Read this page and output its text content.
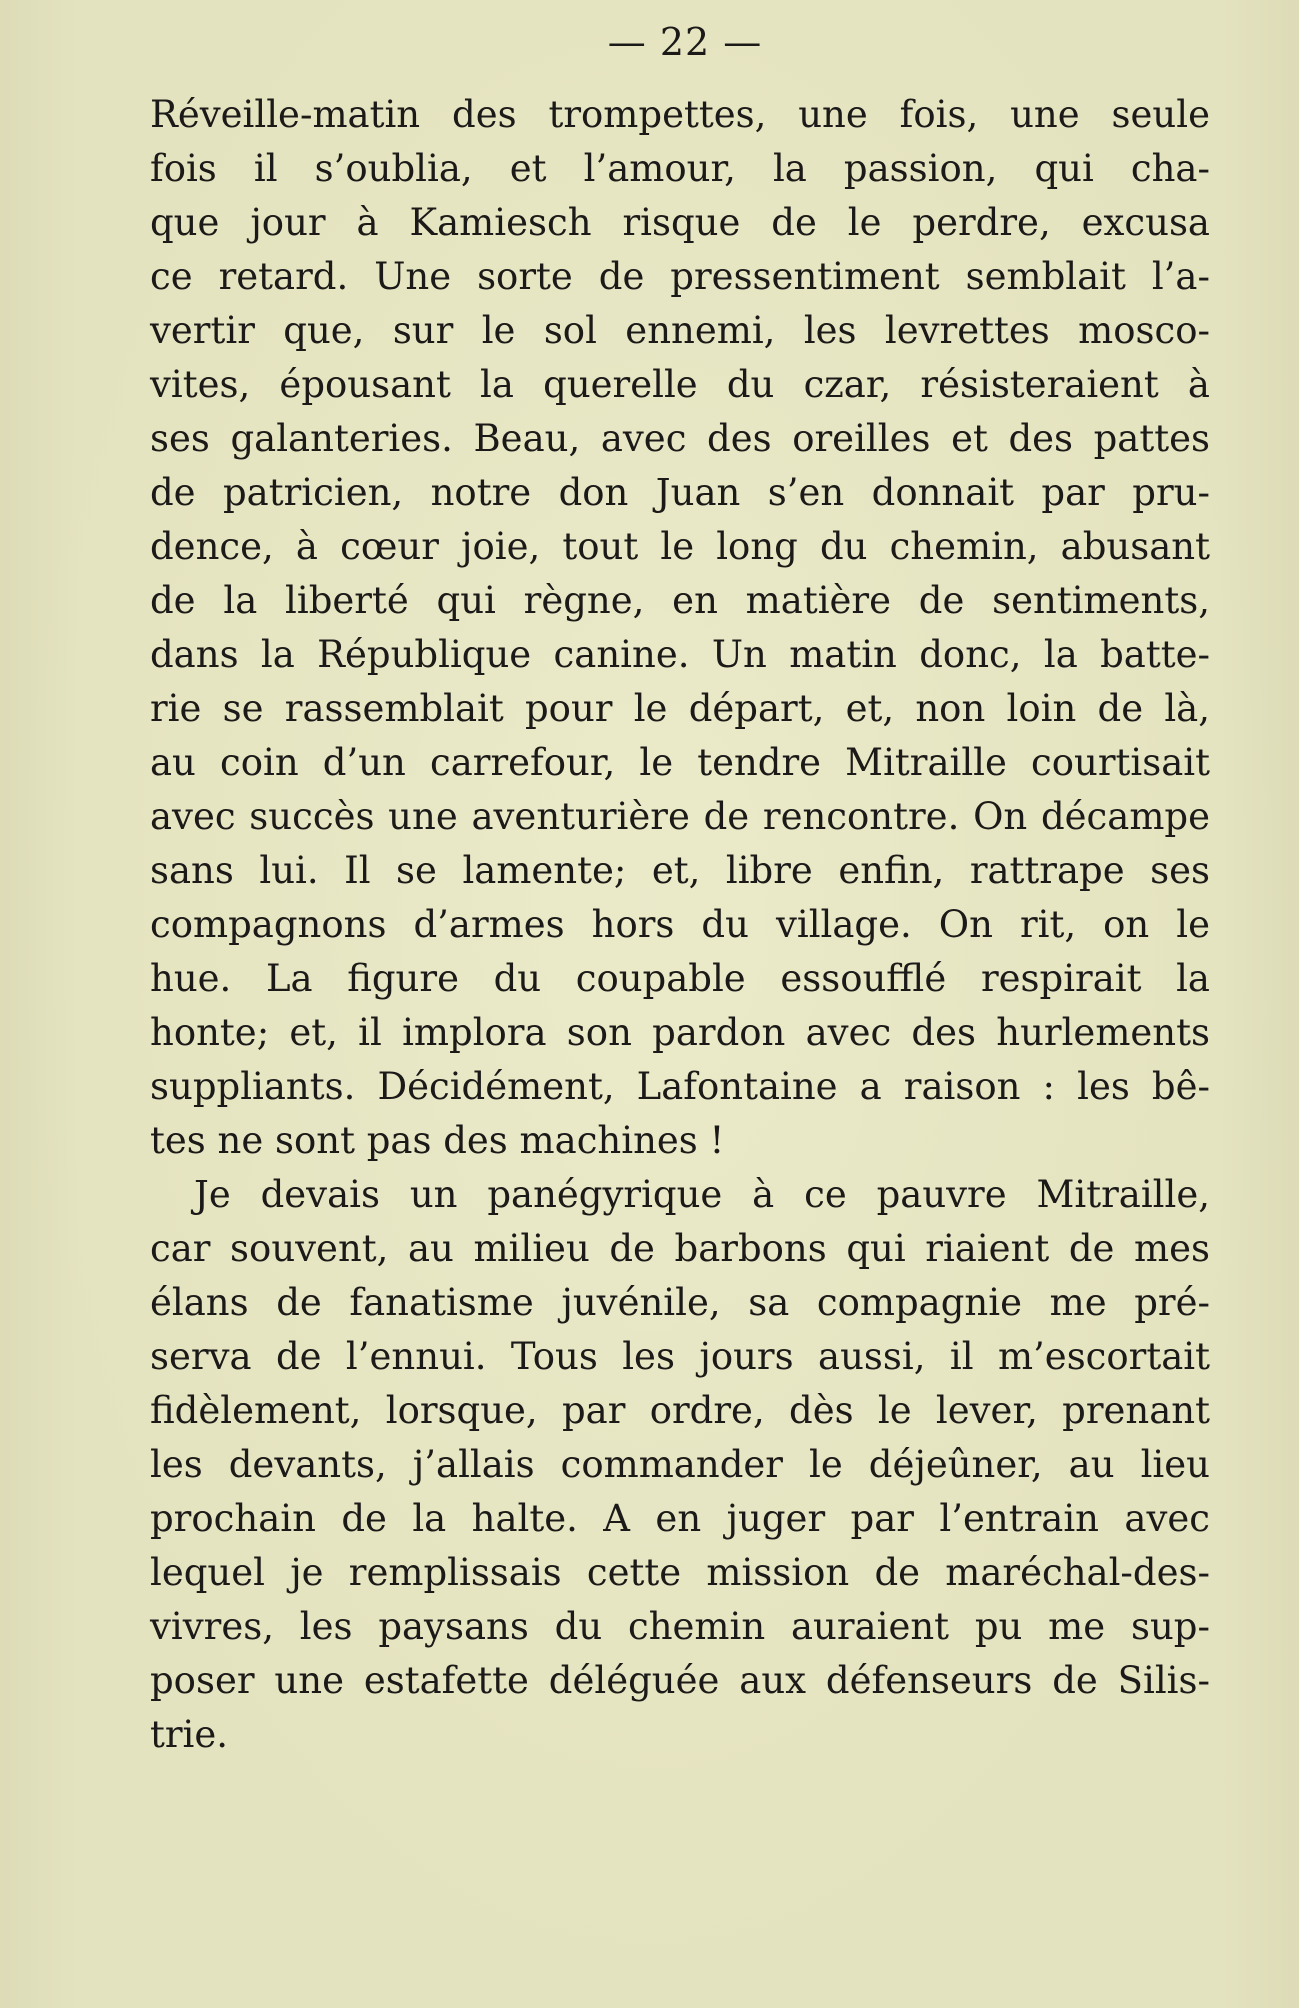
— 22 —
Réveille-matin des trompettes, une fois, une seule
fois il s’oublia, et l’amour, la passion, qui cha-
que jour à Kamiesch risque de le perdre, excusa
ce retard. Une sorte de pressentiment semblait l’a-
vertir que, sur le sol ennemi, les levrettes mosco-
vites, épousant la querelle du czar, résisteraient à
ses galanteries. Beau, avec des oreilles et des pattes
de patricien, notre don Juan s’en donnait par pru-
dence, à cœur joie, tout le long du chemin, abusant
de la liberté qui règne, en matière de sentiments,
dans la République canine. Un matin donc, la batte-
rie se rassemblait pour le départ, et, non loin de là,
au coin d’un carrefour, le tendre Mitraille courtisait
avec succès une aventurière de rencontre. On décampe
sans lui. Il se lamente; et, libre enfin, rattrape ses
compagnons d’armes hors du village. On rit, on le
hue. La figure du coupable essoufflé respirait la
honte; et, il implora son pardon avec des hurlements
suppliants. Décidément, Lafontaine a raison : les bê-
tes ne sont pas des machines !
Je devais un panégyrique à ce pauvre Mitraille,
car souvent, au milieu de barbons qui riaient de mes
élans de fanatisme juvénile, sa compagnie me pré-
serva de l’ennui. Tous les jours aussi, il m’escortait
fidèlement, lorsque, par ordre, dès le lever, prenant
les devants, j’allais commander le déjeûner, au lieu
prochain de la halte. A en juger par l’entrain avec
lequel je remplissais cette mission de maréchal-des-
vivres, les paysans du chemin auraient pu me sup-
poser une estafette déléguée aux défenseurs de Silis-
trie.
